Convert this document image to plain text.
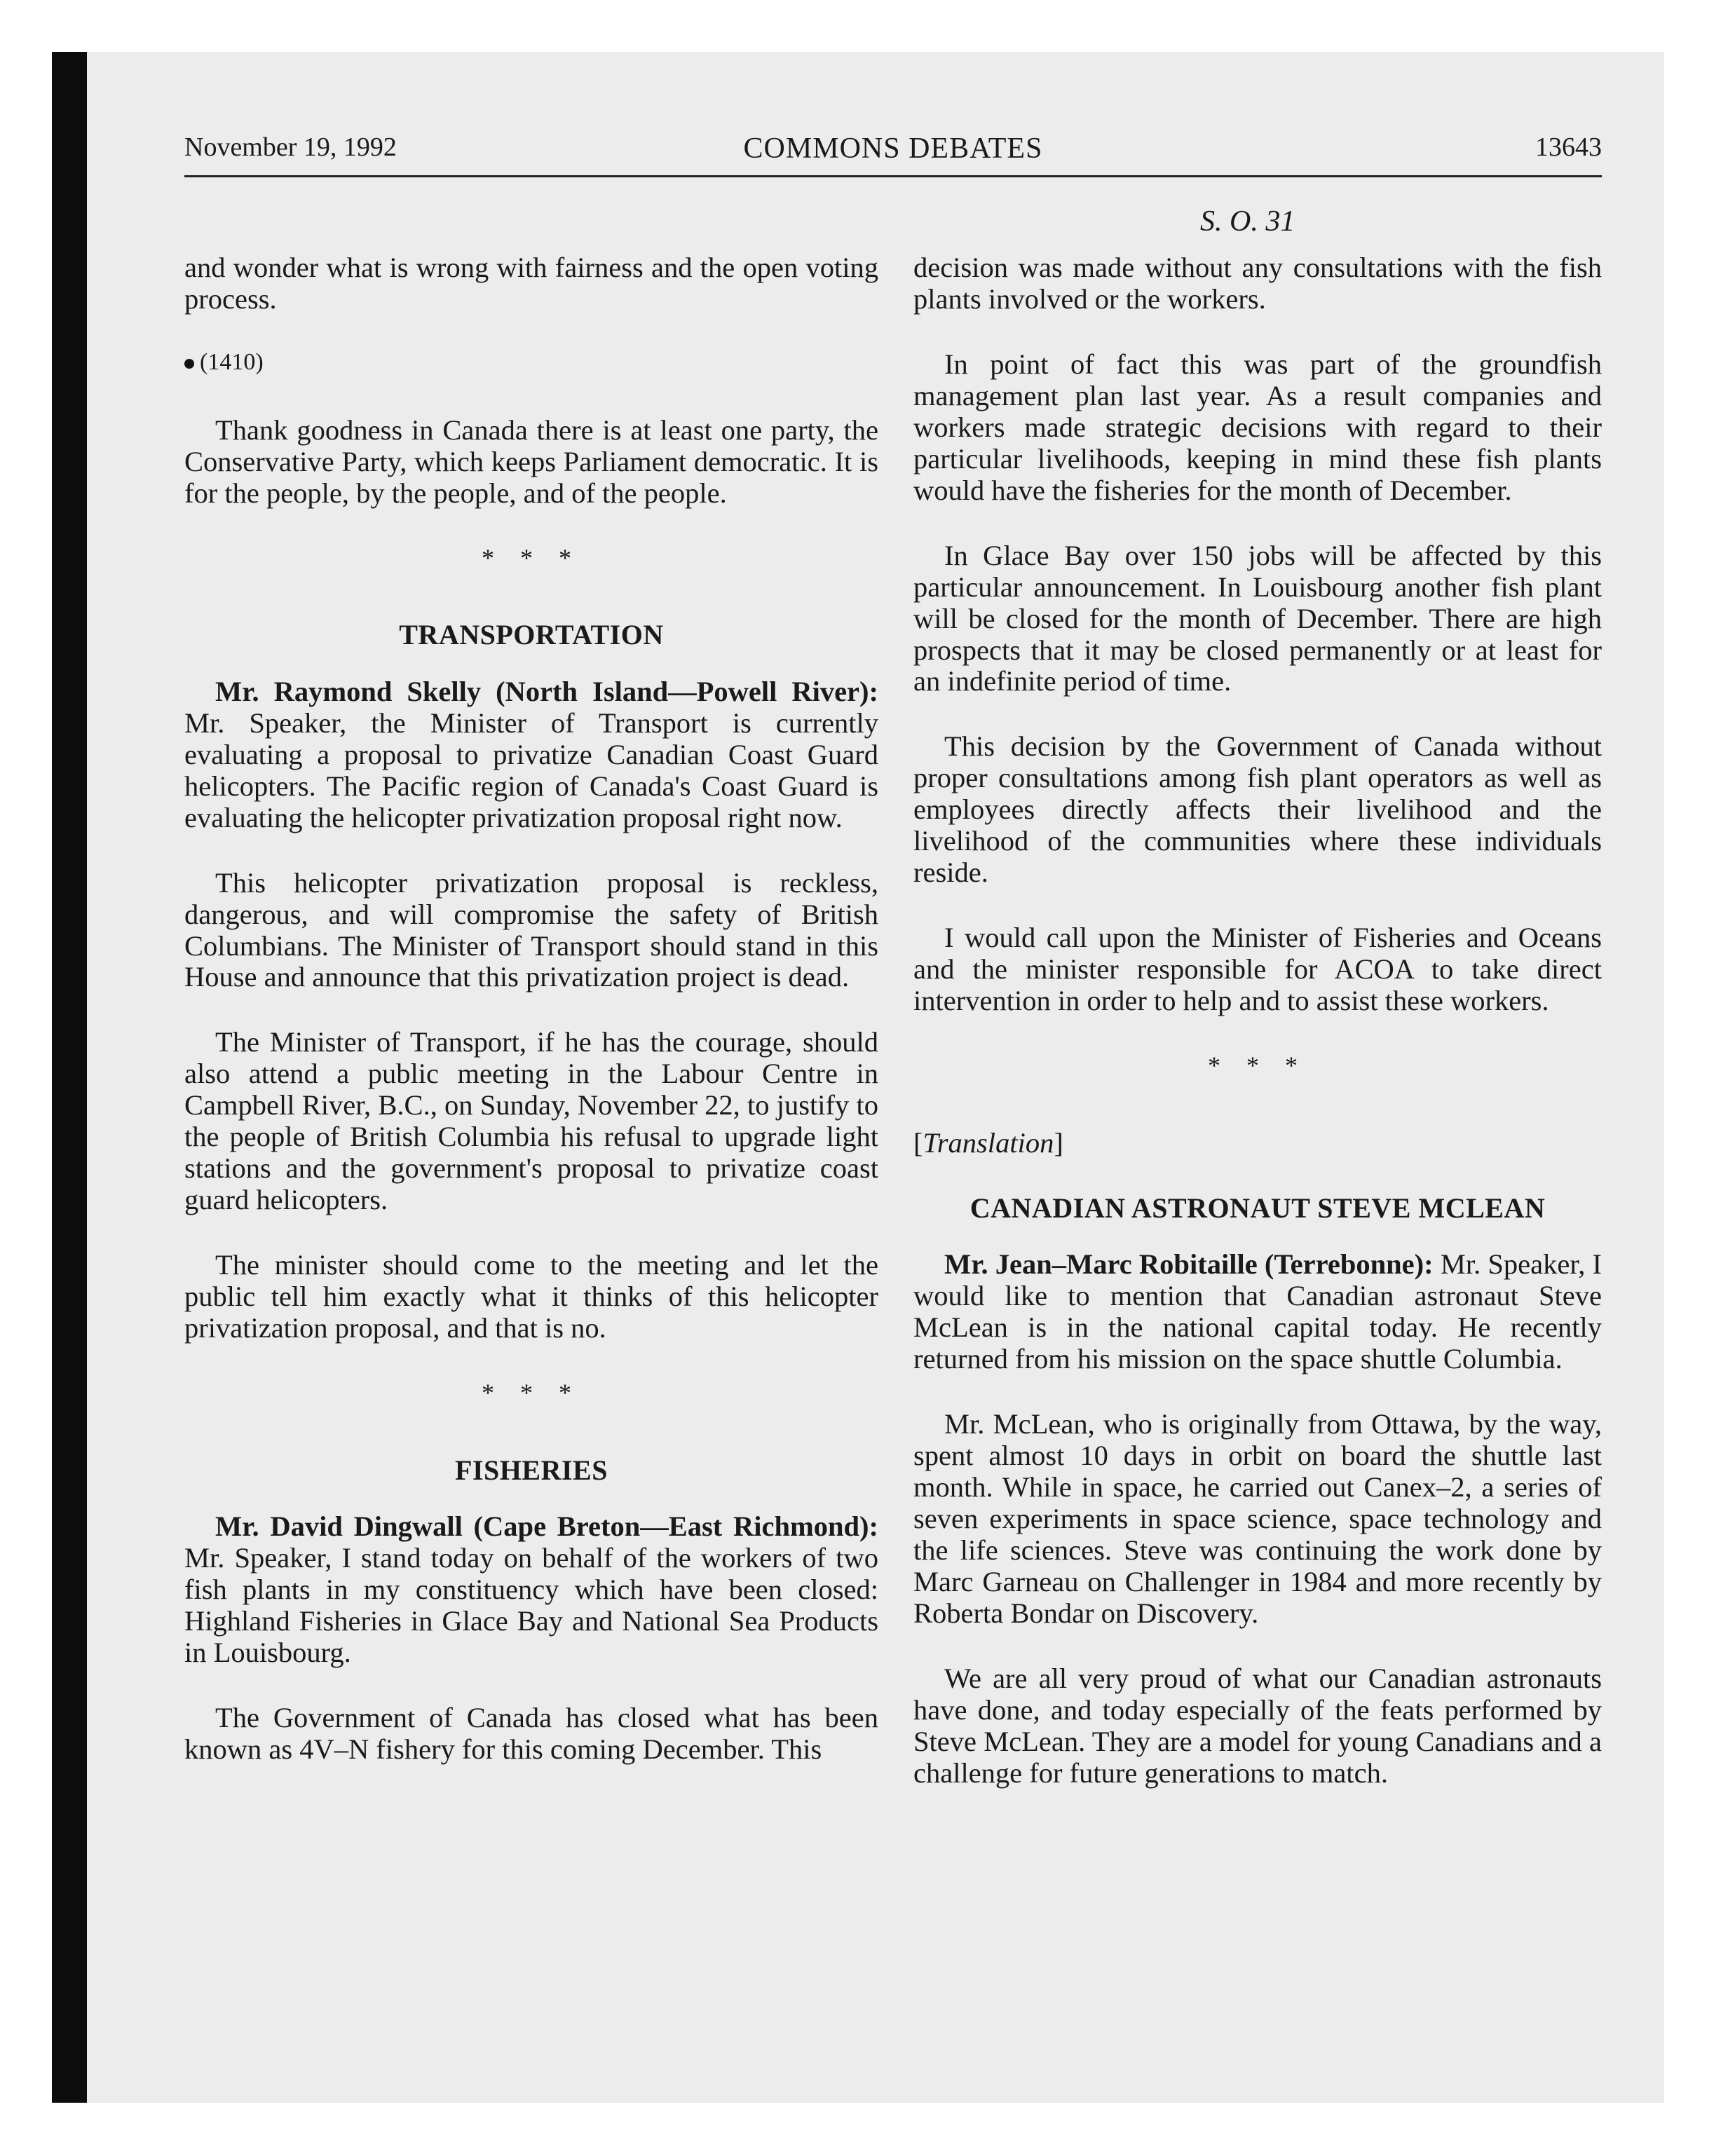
November 19, 1992	COMMONS DEBATES	13643
S. O. 31

and wonder what is wrong with fairness and the open voting process.

(1410)

Thank goodness in Canada there is at least one party, the Conservative Party, which keeps Parliament democratic. It is for the people, by the people, and of the people.

* * *
TRANSPORTATION

Mr. Raymond Skelly (North Island—Powell River): Mr. Speaker, the Minister of Transport is currently evaluating a proposal to privatize Canadian Coast Guard helicopters. The Pacific region of Canada's Coast Guard is evaluating the helicopter privatization proposal right now.

This helicopter privatization proposal is reckless, dangerous, and will compromise the safety of British Columbians. The Minister of Transport should stand in this House and announce that this privatization project is dead.

The Minister of Transport, if he has the courage, should also attend a public meeting in the Labour Centre in Campbell River, B.C., on Sunday, November 22, to justify to the people of British Columbia his refusal to upgrade light stations and the government's proposal to privatize coast guard helicopters.

The minister should come to the meeting and let the public tell him exactly what it thinks of this helicopter privatization proposal, and that is no.

* * *
FISHERIES

Mr. David Dingwall (Cape Breton—East Richmond): Mr. Speaker, I stand today on behalf of the workers of two fish plants in my constituency which have been closed: Highland Fisheries in Glace Bay and National Sea Products in Louisbourg.

The Government of Canada has closed what has been known as 4V–N fishery for this coming December. This

decision was made without any consultations with the fish plants involved or the workers.

In point of fact this was part of the groundfish management plan last year. As a result companies and workers made strategic decisions with regard to their particular livelihoods, keeping in mind these fish plants would have the fisheries for the month of December.

In Glace Bay over 150 jobs will be affected by this particular announcement. In Louisbourg another fish plant will be closed for the month of December. There are high prospects that it may be closed permanently or at least for an indefinite period of time.

This decision by the Government of Canada without proper consultations among fish plant operators as well as employees directly affects their livelihood and the livelihood of the communities where these individuals reside.

I would call upon the Minister of Fisheries and Oceans and the minister responsible for ACOA to take direct intervention in order to help and to assist these workers.

* * *

[Translation]

CANADIAN ASTRONAUT STEVE MCLEAN

Mr. Jean–Marc Robitaille (Terrebonne): Mr. Speaker, I would like to mention that Canadian astronaut Steve McLean is in the national capital today. He recently returned from his mission on the space shuttle Columbia.

Mr. McLean, who is originally from Ottawa, by the way, spent almost 10 days in orbit on board the shuttle last month. While in space, he carried out Canex–2, a series of seven experiments in space science, space technology and the life sciences. Steve was continuing the work done by Marc Garneau on Challenger in 1984 and more recently by Roberta Bondar on Discovery.

We are all very proud of what our Canadian astronauts have done, and today especially of the feats performed by Steve McLean. They are a model for young Canadians and a challenge for future generations to match.
